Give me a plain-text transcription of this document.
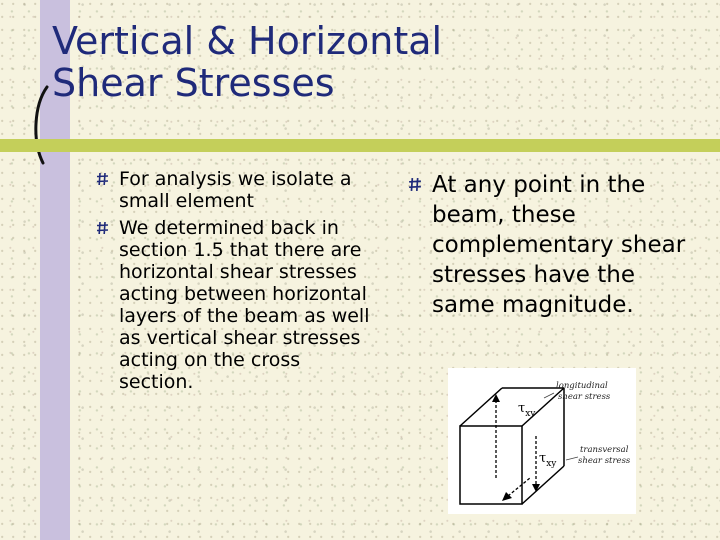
Vertical & Horizontal
Shear Stresses
For analysis we isolate a small element
We determined back in section 1.5 that there are horizontal shear stresses acting between horizontal layers of the beam as well as vertical shear stresses acting on the cross section.
At any point in the beam, these complementary shear stresses have the same magnitude.
$\tau_{xy}$
$\tau_{xy}$
longitudinal
shear stress
transversal
shear stress
